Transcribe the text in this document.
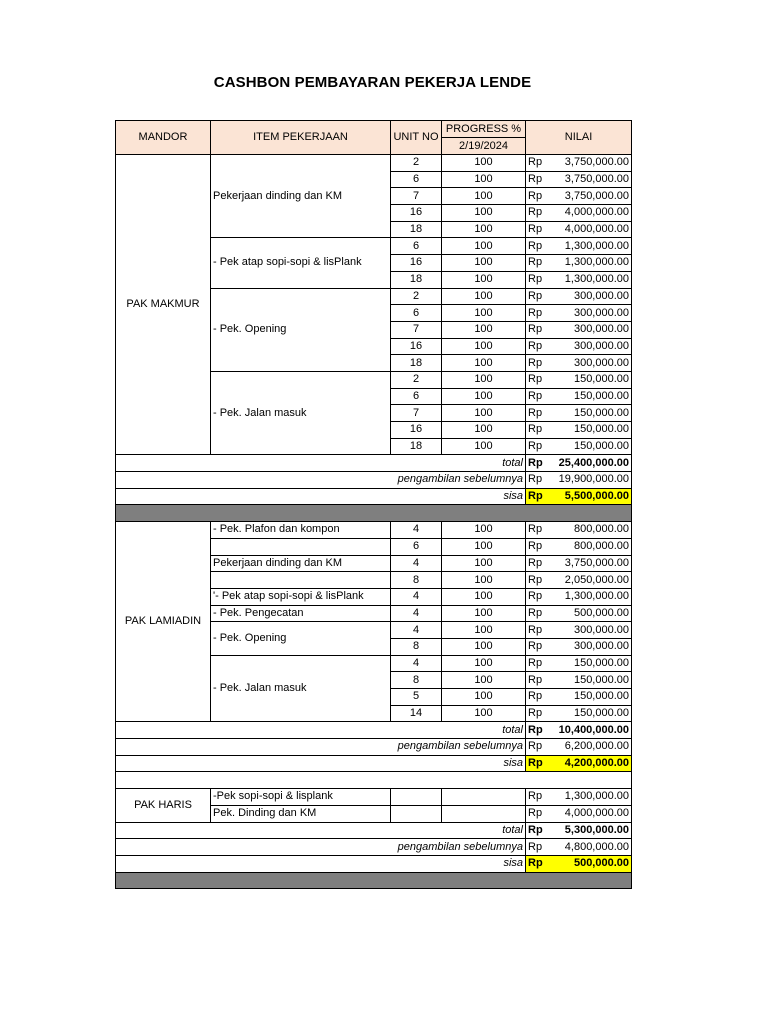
CASHBON PEMBAYARAN PEKERJA LENDE
MANDOR	ITEM PEKERJAAN	UNIT NO	PROGRESS %	NILAI	
			2/19/2024		
PAK MAKMUR	Pekerjaan dinding dan KM	2	100	Rp	3,750,000.00
		6	100	Rp	3,750,000.00
		7	100	Rp	3,750,000.00
		16	100	Rp	4,000,000.00
		18	100	Rp	4,000,000.00
	- Pek atap sopi-sopi & lisPlank	6	100	Rp	1,300,000.00
		16	100	Rp	1,300,000.00
		18	100	Rp	1,300,000.00
	- Pek. Opening	2	100	Rp	300,000.00
		6	100	Rp	300,000.00
		7	100	Rp	300,000.00
		16	100	Rp	300,000.00
		18	100	Rp	300,000.00
	- Pek. Jalan masuk	2	100	Rp	150,000.00
		6	100	Rp	150,000.00
		7	100	Rp	150,000.00
		16	100	Rp	150,000.00
		18	100	Rp	150,000.00
total				Rp	25,400,000.00
pengambilan sebelumnya				Rp	19,900,000.00
sisa				Rp	5,500,000.00

PAK LAMIADIN	- Pek. Plafon dan kompon	4	100	Rp	800,000.00
		6	100	Rp	800,000.00
	Pekerjaan dinding dan KM	4	100	Rp	3,750,000.00
		8	100	Rp	2,050,000.00
	'- Pek atap sopi-sopi & lisPlank	4	100	Rp	1,300,000.00
	- Pek. Pengecatan	4	100	Rp	500,000.00
	- Pek. Opening	4	100	Rp	300,000.00
		8	100	Rp	300,000.00
	- Pek. Jalan masuk	4	100	Rp	150,000.00
		8	100	Rp	150,000.00
		5	100	Rp	150,000.00
		14	100	Rp	150,000.00
total				Rp	10,400,000.00
pengambilan sebelumnya				Rp	6,200,000.00
sisa				Rp	4,200,000.00

PAK HARIS	-Pek sopi-sopi & lisplank			Rp	1,300,000.00
	Pek. Dinding dan KM			Rp	4,000,000.00
total				Rp	5,300,000.00
pengambilan sebelumnya				Rp	4,800,000.00
sisa				Rp	500,000.00
